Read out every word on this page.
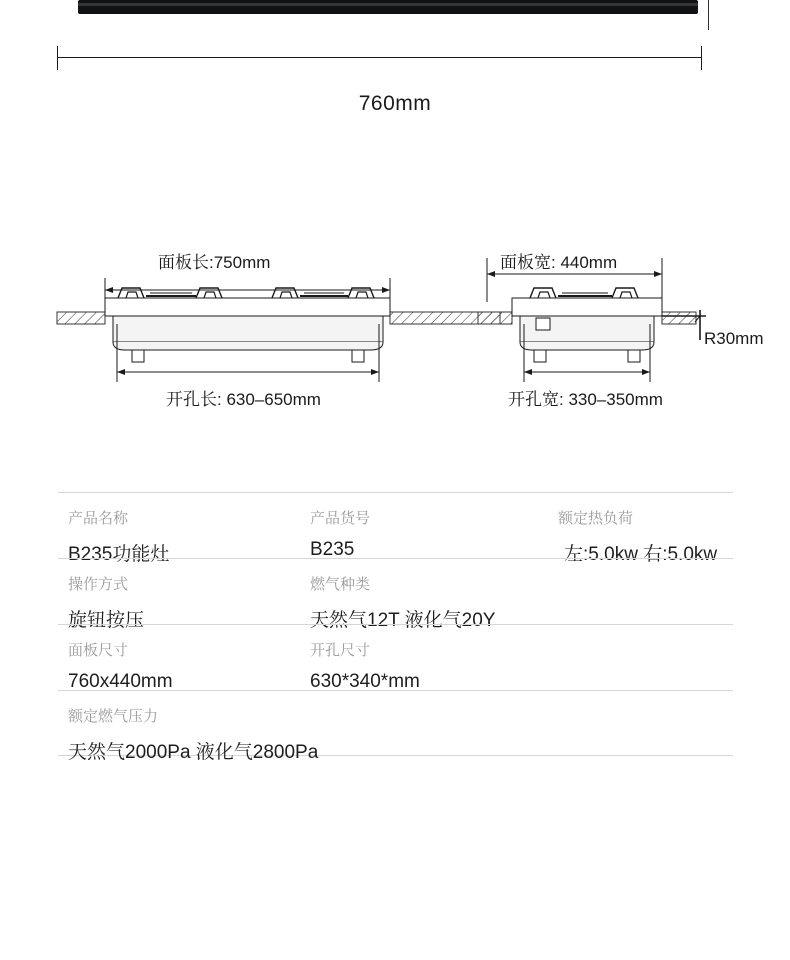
760mm
面板长:750mm
开孔长: 630–650mm
面板宽: 440mm
开孔宽: 330–350mm
R30mm
产品名称
B235功能灶
产品货号
B235
额定热负荷
左:5.0kw 右:5.0kw
操作方式
旋钮按压
燃气种类
天然气12T 液化气20Y
面板尺寸
760x440mm
开孔尺寸
630*340*mm
额定燃气压力
天然气2000Pa 液化气2800Pa
